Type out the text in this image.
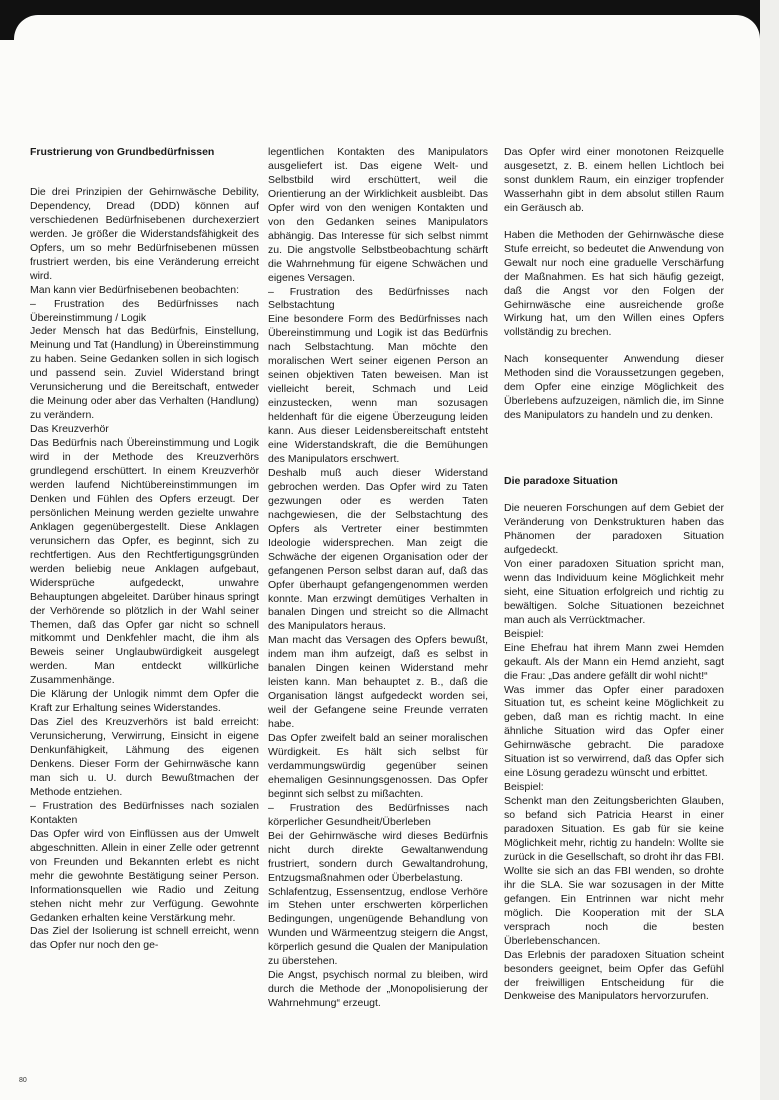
Frustrierung von Grundbedürfnissen

Die drei Prinzipien der Gehirnwäsche Debility, Dependency, Dread (DDD) können auf verschiedenen Bedürfnisebenen durchexerziert werden. Je größer die Widerstandsfähigkeit des Opfers, um so mehr Bedürfnisebenen müssen frustriert werden, bis eine Veränderung erreicht wird.

Man kann vier Bedürfnisebenen beobachten:

– Frustration des Bedürfnisses nach Übereinstimmung / Logik

Jeder Mensch hat das Bedürfnis, Einstellung, Meinung und Tat (Handlung) in Übereinstimmung zu haben. Seine Gedanken sollen in sich logisch und passend sein. Zuviel Widerstand bringt Verunsicherung und die Bereitschaft, entweder die Meinung oder aber das Verhalten (Handlung) zu verändern.

Das Kreuzverhör

Das Bedürfnis nach Übereinstimmung und Logik wird in der Methode des Kreuzverhörs grundlegend erschüttert. In einem Kreuzverhör werden laufend Nichtübereinstimmungen im Denken und Fühlen des Opfers erzeugt. Der persönlichen Meinung werden gezielte unwahre Anklagen gegenübergestellt. Diese Anklagen verunsichern das Opfer, es beginnt, sich zu rechtfertigen. Aus den Rechtfertigungsgründen werden beliebig neue Anklagen aufgebaut, Widersprüche aufgedeckt, unwahre Behauptungen abgeleitet. Darüber hinaus springt der Verhörende so plötzlich in der Wahl seiner Themen, daß das Opfer gar nicht so schnell mitkommt und Denkfehler macht, die ihm als Beweis seiner Unglaubwürdigkeit ausgelegt werden. Man entdeckt willkürliche Zusammenhänge.

Die Klärung der Unlogik nimmt dem Opfer die Kraft zur Erhaltung seines Widerstandes.

Das Ziel des Kreuzverhörs ist bald erreicht: Verunsicherung, Verwirrung, Einsicht in eigene Denkunfähigkeit, Lähmung des eigenen Denkens. Dieser Form der Gehirnwäsche kann man sich u. U. durch Bewußtmachen der Methode entziehen.

– Frustration des Bedürfnisses nach sozialen Kontakten

Das Opfer wird von Einflüssen aus der Umwelt abgeschnitten. Allein in einer Zelle oder getrennt von Freunden und Bekannten erlebt es nicht mehr die gewohnte Bestätigung seiner Person. Informationsquellen wie Radio und Zeitung stehen nicht mehr zur Verfügung. Gewohnte Gedanken erhalten keine Verstärkung mehr.

Das Ziel der Isolierung ist schnell erreicht, wenn das Opfer nur noch den ge-

legentlichen Kontakten des Manipulators ausgeliefert ist. Das eigene Welt- und Selbstbild wird erschüttert, weil die Orientierung an der Wirklichkeit ausbleibt. Das Opfer wird von den wenigen Kontakten und von den Gedanken seines Manipulators abhängig. Das Interesse für sich selbst nimmt zu. Die angstvolle Selbstbeobachtung schärft die Wahrnehmung für eigene Schwächen und eigenes Versagen.

– Frustration des Bedürfnisses nach Selbstachtung

Eine besondere Form des Bedürfnisses nach Übereinstimmung und Logik ist das Bedürfnis nach Selbstachtung. Man möchte den moralischen Wert seiner eigenen Person an seinen objektiven Taten beweisen. Man ist vielleicht bereit, Schmach und Leid einzustecken, wenn man sozusagen heldenhaft für die eigene Überzeugung leiden kann. Aus dieser Leidensbereitschaft entsteht eine Widerstandskraft, die die Bemühungen des Manipulators erschwert.

Deshalb muß auch dieser Widerstand gebrochen werden. Das Opfer wird zu Taten gezwungen oder es werden Taten nachgewiesen, die der Selbstachtung des Opfers als Vertreter einer bestimmten Ideologie widersprechen. Man zeigt die Schwäche der eigenen Organisation oder der gefangenen Person selbst daran auf, daß das Opfer überhaupt gefangengenommen werden konnte. Man erzwingt demütiges Verhalten in banalen Dingen und streicht so die Allmacht des Manipulators heraus.

Man macht das Versagen des Opfers bewußt, indem man ihm aufzeigt, daß es selbst in banalen Dingen keinen Widerstand mehr leisten kann. Man behauptet z. B., daß die Organisation längst aufgedeckt worden sei, weil der Gefangene seine Freunde verraten habe.

Das Opfer zweifelt bald an seiner moralischen Würdigkeit. Es hält sich selbst für verdammungswürdig gegenüber seinen ehemaligen Gesinnungsgenossen. Das Opfer beginnt sich selbst zu mißachten.

– Frustration des Bedürfnisses nach körperlicher Gesundheit/Überleben

Bei der Gehirnwäsche wird dieses Bedürfnis nicht durch direkte Gewaltanwendung frustriert, sondern durch Gewaltandrohung, Entzugsmaßnahmen oder Überbelastung.

Schlafentzug, Essensentzug, endlose Verhöre im Stehen unter erschwerten körperlichen Bedingungen, ungenügende Behandlung von Wunden und Wärmeentzug steigern die Angst, körperlich gesund die Qualen der Manipulation zu überstehen.

Die Angst, psychisch normal zu bleiben, wird durch die Methode der „Monopolisierung der Wahrnehmung“ erzeugt.

Das Opfer wird einer monotonen Reizquelle ausgesetzt, z. B. einem hellen Lichtloch bei sonst dunklem Raum, ein einziger tropfender Wasserhahn gibt in dem absolut stillen Raum ein Geräusch ab.

Haben die Methoden der Gehirnwäsche diese Stufe erreicht, so bedeutet die Anwendung von Gewalt nur noch eine graduelle Verschärfung der Maßnahmen. Es hat sich häufig gezeigt, daß die Angst vor den Folgen der Gehirnwäsche eine ausreichende große Wirkung hat, um den Willen eines Opfers vollständig zu brechen.

Nach konsequenter Anwendung dieser Methoden sind die Voraussetzungen gegeben, dem Opfer eine einzige Möglichkeit des Überlebens aufzuzeigen, nämlich die, im Sinne des Manipulators zu handeln und zu denken.

Die paradoxe Situation

Die neueren Forschungen auf dem Gebiet der Veränderung von Denkstrukturen haben das Phänomen der paradoxen Situation aufgedeckt.

Von einer paradoxen Situation spricht man, wenn das Individuum keine Möglichkeit mehr sieht, eine Situation erfolgreich und richtig zu bewältigen. Solche Situationen bezeichnet man auch als Verrücktmacher.

Beispiel:

Eine Ehefrau hat ihrem Mann zwei Hemden gekauft. Als der Mann ein Hemd anzieht, sagt die Frau: „Das andere gefällt dir wohl nicht!“

Was immer das Opfer einer paradoxen Situation tut, es scheint keine Möglichkeit zu geben, daß man es richtig macht. In eine ähnliche Situation wird das Opfer einer Gehirnwäsche gebracht. Die paradoxe Situation ist so verwirrend, daß das Opfer sich eine Lösung geradezu wünscht und erbittet.

Beispiel:

Schenkt man den Zeitungsberichten Glauben, so befand sich Patricia Hearst in einer paradoxen Situation. Es gab für sie keine Möglichkeit mehr, richtig zu handeln: Wollte sie zurück in die Gesellschaft, so droht ihr das FBI. Wollte sie sich an das FBI wenden, so drohte ihr die SLA. Sie war sozusagen in der Mitte gefangen. Ein Entrinnen war nicht mehr möglich. Die Kooperation mit der SLA versprach noch die besten Überlebenschancen.

Das Erlebnis der paradoxen Situation scheint besonders geeignet, beim Opfer das Gefühl der freiwilligen Entscheidung für die Denkweise des Manipulators hervorzurufen.

80
